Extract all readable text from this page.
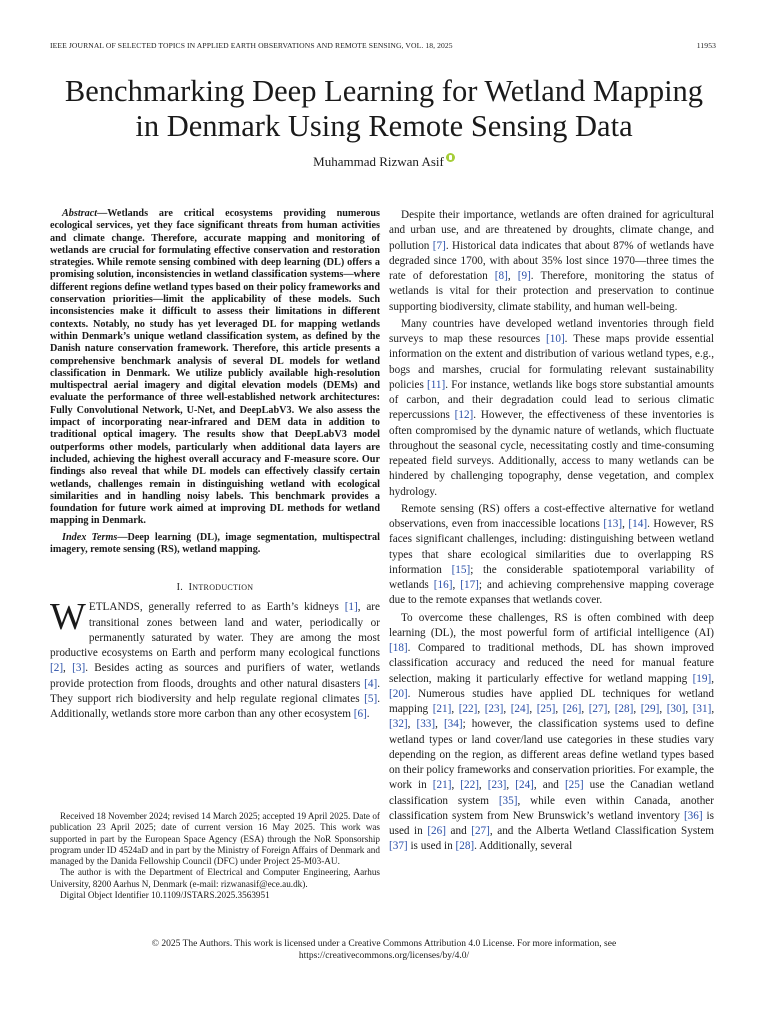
IEEE JOURNAL OF SELECTED TOPICS IN APPLIED EARTH OBSERVATIONS AND REMOTE SENSING, VOL. 18, 2025	11953
Benchmarking Deep Learning for Wetland Mapping
in Denmark Using Remote Sensing Data
Muhammad Rizwan Asif

Abstract—Wetlands are critical ecosystems providing numerous ecological services, yet they face significant threats from human activities and climate change. Therefore, accurate mapping and monitoring of wetlands are crucial for formulating effective conservation and restoration strategies. While remote sensing combined with deep learning (DL) offers a promising solution, inconsistencies in wetland classification systems—where different regions define wetland types based on their policy frameworks and conservation priorities—limit the applicability of these models. Such inconsistencies make it difficult to assess their limitations in different contexts. Notably, no study has yet leveraged DL for mapping wetlands within Denmark’s unique wetland classification system, as defined by the Danish nature conservation framework. Therefore, this article presents a comprehensive benchmark analysis of several DL models for wetland classification in Denmark. We utilize publicly available high-resolution multispectral aerial imagery and digital elevation models (DEMs) and evaluate the performance of three well-established network architectures: Fully Convolutional Network, U-Net, and DeepLabV3. We also assess the impact of incorporating near-infrared and DEM data in addition to traditional optical imagery. The results show that DeepLabV3 model outperforms other models, particularly when additional data layers are included, achieving the highest overall accuracy and F-measure score. Our findings also reveal that while DL models can effectively classify certain wetlands, challenges remain in distinguishing wetland with ecological similarities and in handling noisy labels. This benchmark provides a foundation for future work aimed at improving DL methods for wetland mapping in Denmark.

Index Terms—Deep learning (DL), image segmentation, multispectral imagery, remote sensing (RS), wetland mapping.

I. INTRODUCTION

WETLANDS, generally referred to as Earth’s kidneys [1], are transitional zones between land and water, periodically or permanently saturated by water. They are among the most productive ecosystems on Earth and perform many ecological functions [2], [3]. Besides acting as sources and purifiers of water, wetlands provide protection from floods, droughts and other natural disasters [4]. They support rich biodiversity and help regulate regional climates [5]. Additionally, wetlands store more carbon than any other ecosystem [6].

Despite their importance, wetlands are often drained for agricultural and urban use, and are threatened by droughts, climate change, and pollution [7]. Historical data indicates that about 87% of wetlands have degraded since 1700, with about 35% lost since 1970—three times the rate of deforestation [8], [9]. Therefore, monitoring the status of wetlands is vital for their protection and preservation to continue supporting biodiversity, climate stability, and human well-being.

Many countries have developed wetland inventories through field surveys to map these resources [10]. These maps provide essential information on the extent and distribution of various wetland types, e.g., bogs and marshes, crucial for formulating relevant sustainability policies [11]. For instance, wetlands like bogs store substantial amounts of carbon, and their degradation could lead to serious climatic repercussions [12]. However, the effectiveness of these inventories is often compromised by the dynamic nature of wetlands, which fluctuate throughout the seasonal cycle, necessitating costly and time-consuming repeated field surveys. Additionally, access to many wetlands can be hindered by challenging topography, dense vegetation, and complex hydrology.

Remote sensing (RS) offers a cost-effective alternative for wetland observations, even from inaccessible locations [13], [14]. However, RS faces significant challenges, including: distinguishing between wetland types that share ecological similarities due to overlapping RS information [15]; the considerable spatiotemporal variability of wetlands [16], [17]; and achieving comprehensive mapping coverage due to the remote expanses that wetlands cover.

To overcome these challenges, RS is often combined with deep learning (DL), the most powerful form of artificial intelligence (AI) [18]. Compared to traditional methods, DL has shown improved classification accuracy and reduced the need for manual feature selection, making it particularly effective for wetland mapping [19], [20]. Numerous studies have applied DL techniques for wetland mapping [21], [22], [23], [24], [25], [26], [27], [28], [29], [30], [31], [32], [33], [34]; however, the classification systems used to define wetland types or land cover/land use categories in these studies vary depending on the region, as different areas define wetland types based on their policy frameworks and conservation priorities. For example, the work in [21], [22], [23], [24], and [25] use the Canadian wetland classification system [35], while even within Canada, another classification system from New Brunswick’s wetland inventory [36] is used in [26] and [27], and the Alberta Wetland Classification System [37] is used in [28]. Additionally, several

Received 18 November 2024; revised 14 March 2025; accepted 19 April 2025. Date of publication 23 April 2025; date of current version 16 May 2025. This work was supported in part by the European Space Agency (ESA) through the NoR Sponsorship program under ID 4524aD and in part by the Ministry of Foreign Affairs of Denmark and managed by the Danida Fellowship Council (DFC) under Project 25-M03-AU.

The author is with the Department of Electrical and Computer Engineering, Aarhus University, 8200 Aarhus N, Denmark (e-mail: rizwanasif@ece.au.dk).

Digital Object Identifier 10.1109/JSTARS.2025.3563951

© 2025 The Authors. This work is licensed under a Creative Commons Attribution 4.0 License. For more information, see
https://creativecommons.org/licenses/by/4.0/
